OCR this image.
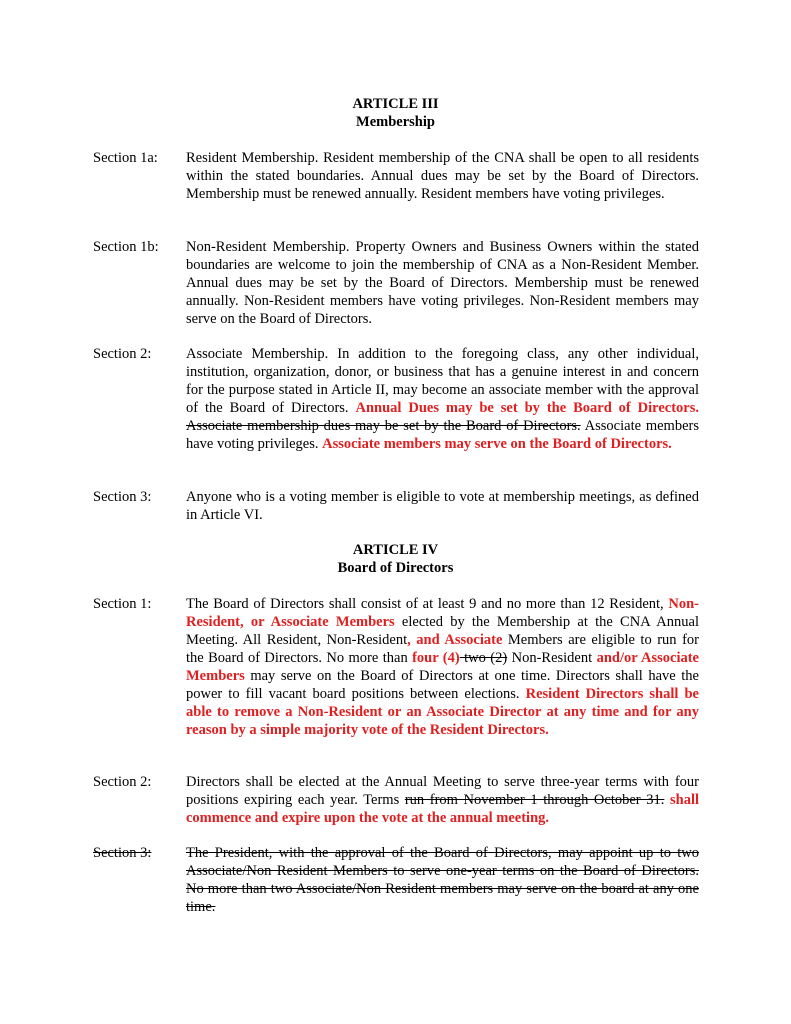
ARTICLE III
Membership
Section 1a: Resident Membership. Resident membership of the CNA shall be open to all residents within the stated boundaries. Annual dues may be set by the Board of Directors. Membership must be renewed annually. Resident members have voting privileges.
Section 1b: Non-Resident Membership. Property Owners and Business Owners within the stated boundaries are welcome to join the membership of CNA as a Non-Resident Member. Annual dues may be set by the Board of Directors. Membership must be renewed annually. Non-Resident members have voting privileges. Non-Resident members may serve on the Board of Directors.
Section 2: Associate Membership. In addition to the foregoing class, any other individual, institution, organization, donor, or business that has a genuine interest in and concern for the purpose stated in Article II, may become an associate member with the approval of the Board of Directors. Annual Dues may be set by the Board of Directors. Associate membership dues may be set by the Board of Directors. Associate members have voting privileges. Associate members may serve on the Board of Directors.
Section 3: Anyone who is a voting member is eligible to vote at membership meetings, as defined in Article VI.
ARTICLE IV
Board of Directors
Section 1: The Board of Directors shall consist of at least 9 and no more than 12 Resident, Non-Resident, or Associate Members elected by the Membership at the CNA Annual Meeting. All Resident, Non-Resident, and Associate Members are eligible to run for the Board of Directors. No more than four (4) two (2) Non-Resident and/or Associate Members may serve on the Board of Directors at one time. Directors shall have the power to fill vacant board positions between elections. Resident Directors shall be able to remove a Non-Resident or an Associate Director at any time and for any reason by a simple majority vote of the Resident Directors.
Section 2: Directors shall be elected at the Annual Meeting to serve three-year terms with four positions expiring each year. Terms run from November 1 through October 31. shall commence and expire upon the vote at the annual meeting.
Section 3: The President, with the approval of the Board of Directors, may appoint up to two Associate/Non Resident Members to serve one-year terms on the Board of Directors. No more than two Associate/Non Resident members may serve on the board at any one time.
